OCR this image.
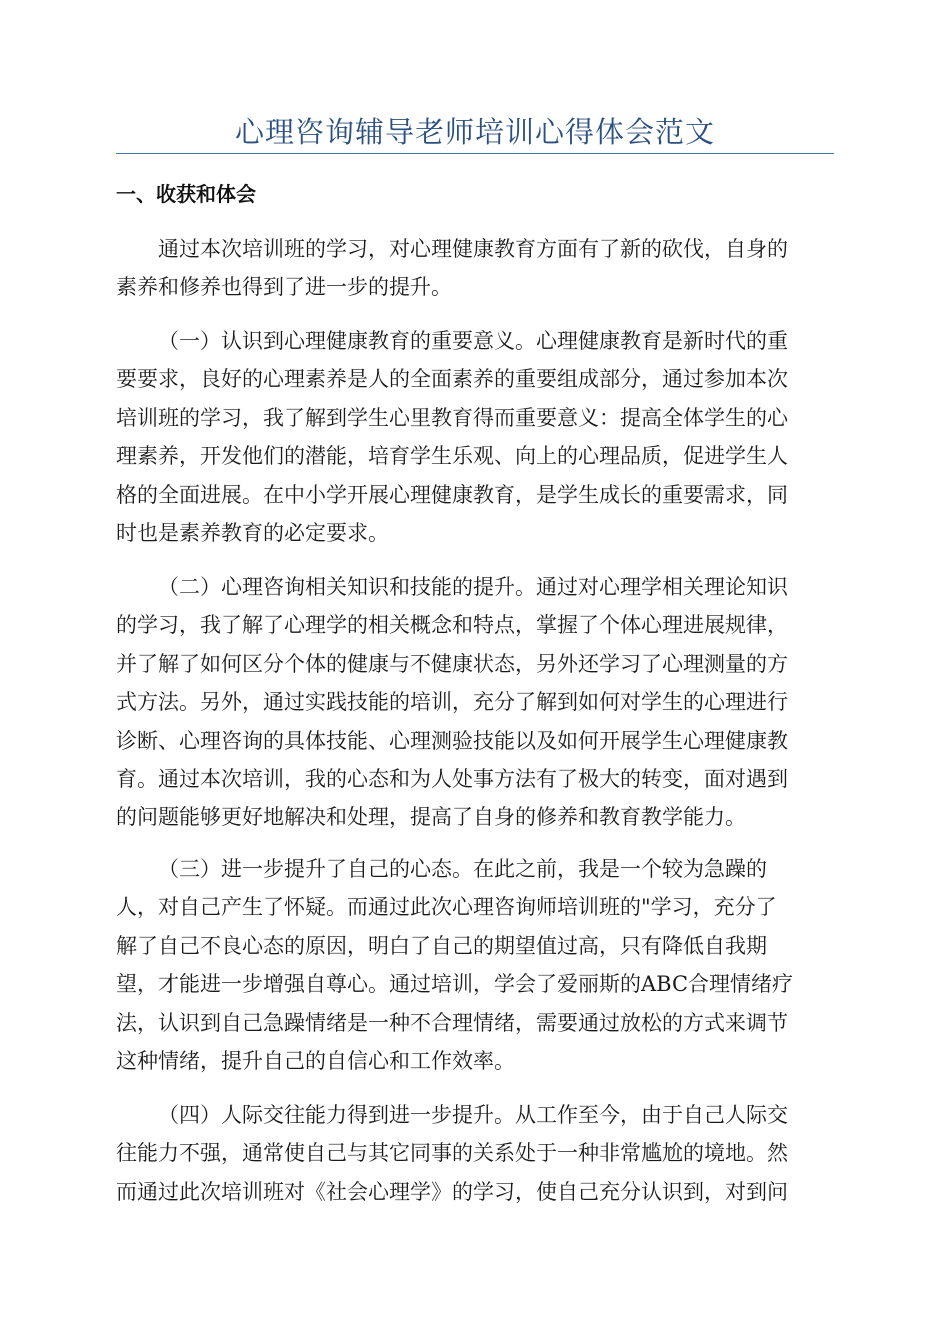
心理咨询辅导老师培训心得体会范文
一、收获和体会
通过本次培训班的学习，对心理健康教育方面有了新的砍伐，自身的
素养和修养也得到了进一步的提升。
（一）认识到心理健康教育的重要意义。心理健康教育是新时代的重
要要求，良好的心理素养是人的全面素养的重要组成部分，通过参加本次
培训班的学习，我了解到学生心里教育得而重要意义：提高全体学生的心
理素养，开发他们的潜能，培育学生乐观、向上的心理品质，促进学生人
格的全面进展。在中小学开展心理健康教育，是学生成长的重要需求，同
时也是素养教育的必定要求。
（二）心理咨询相关知识和技能的提升。通过对心理学相关理论知识
的学习，我了解了心理学的相关概念和特点，掌握了个体心理进展规律，
并了解了如何区分个体的健康与不健康状态，另外还学习了心理测量的方
式方法。另外，通过实践技能的培训，充分了解到如何对学生的心理进行
诊断、心理咨询的具体技能、心理测验技能以及如何开展学生心理健康教
育。通过本次培训，我的心态和为人处事方法有了极大的转变，面对遇到
的问题能够更好地解决和处理，提高了自身的修养和教育教学能力。
（三）进一步提升了自己的心态。在此之前，我是一个较为急躁的
人，对自己产生了怀疑。而通过此次心理咨询师培训班的"学习，充分了
解了自己不良心态的原因，明白了自己的期望值过高，只有降低自我期
望，才能进一步增强自尊心。通过培训，学会了爱丽斯的ABC合理情绪疗
法，认识到自己急躁情绪是一种不合理情绪，需要通过放松的方式来调节
这种情绪，提升自己的自信心和工作效率。
（四）人际交往能力得到进一步提升。从工作至今，由于自己人际交
往能力不强，通常使自己与其它同事的关系处于一种非常尴尬的境地。然
而通过此次培训班对《社会心理学》的学习，使自己充分认识到，对到问
